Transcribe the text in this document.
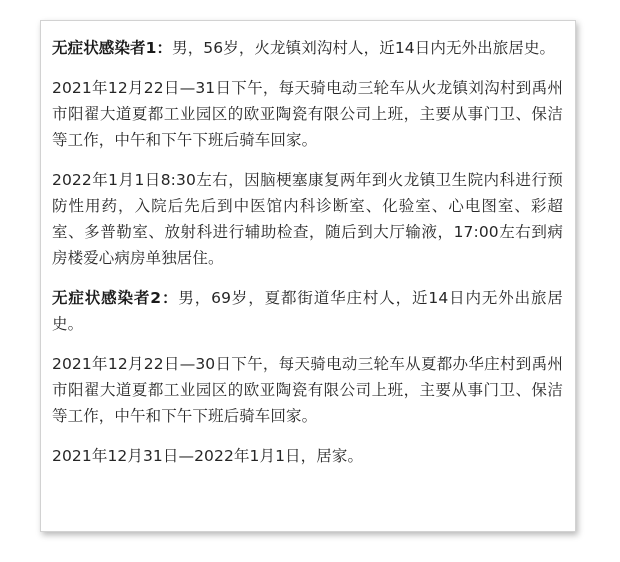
无症状感染者1：男，56岁，火龙镇刘沟村人，近14日内无外出旅居史。

2021年12月22日—31日下午，每天骑电动三轮车从火龙镇刘沟村到禹州市阳翟大道夏都工业园区的欧亚陶瓷有限公司上班，主要从事门卫、保洁等工作，中午和下午下班后骑车回家。

2022年1月1日8:30左右，因脑梗塞康复两年到火龙镇卫生院内科进行预防性用药，入院后先后到中医馆内科诊断室、化验室、心电图室、彩超室、多普勒室、放射科进行辅助检查，随后到大厅输液，17:00左右到病房楼爱心病房单独居住。

无症状感染者2：男，69岁，夏都街道华庄村人，近14日内无外出旅居史。

2021年12月22日—30日下午，每天骑电动三轮车从夏都办华庄村到禹州市阳翟大道夏都工业园区的欧亚陶瓷有限公司上班，主要从事门卫、保洁等工作，中午和下午下班后骑车回家。

2021年12月31日—2022年1月1日，居家。
